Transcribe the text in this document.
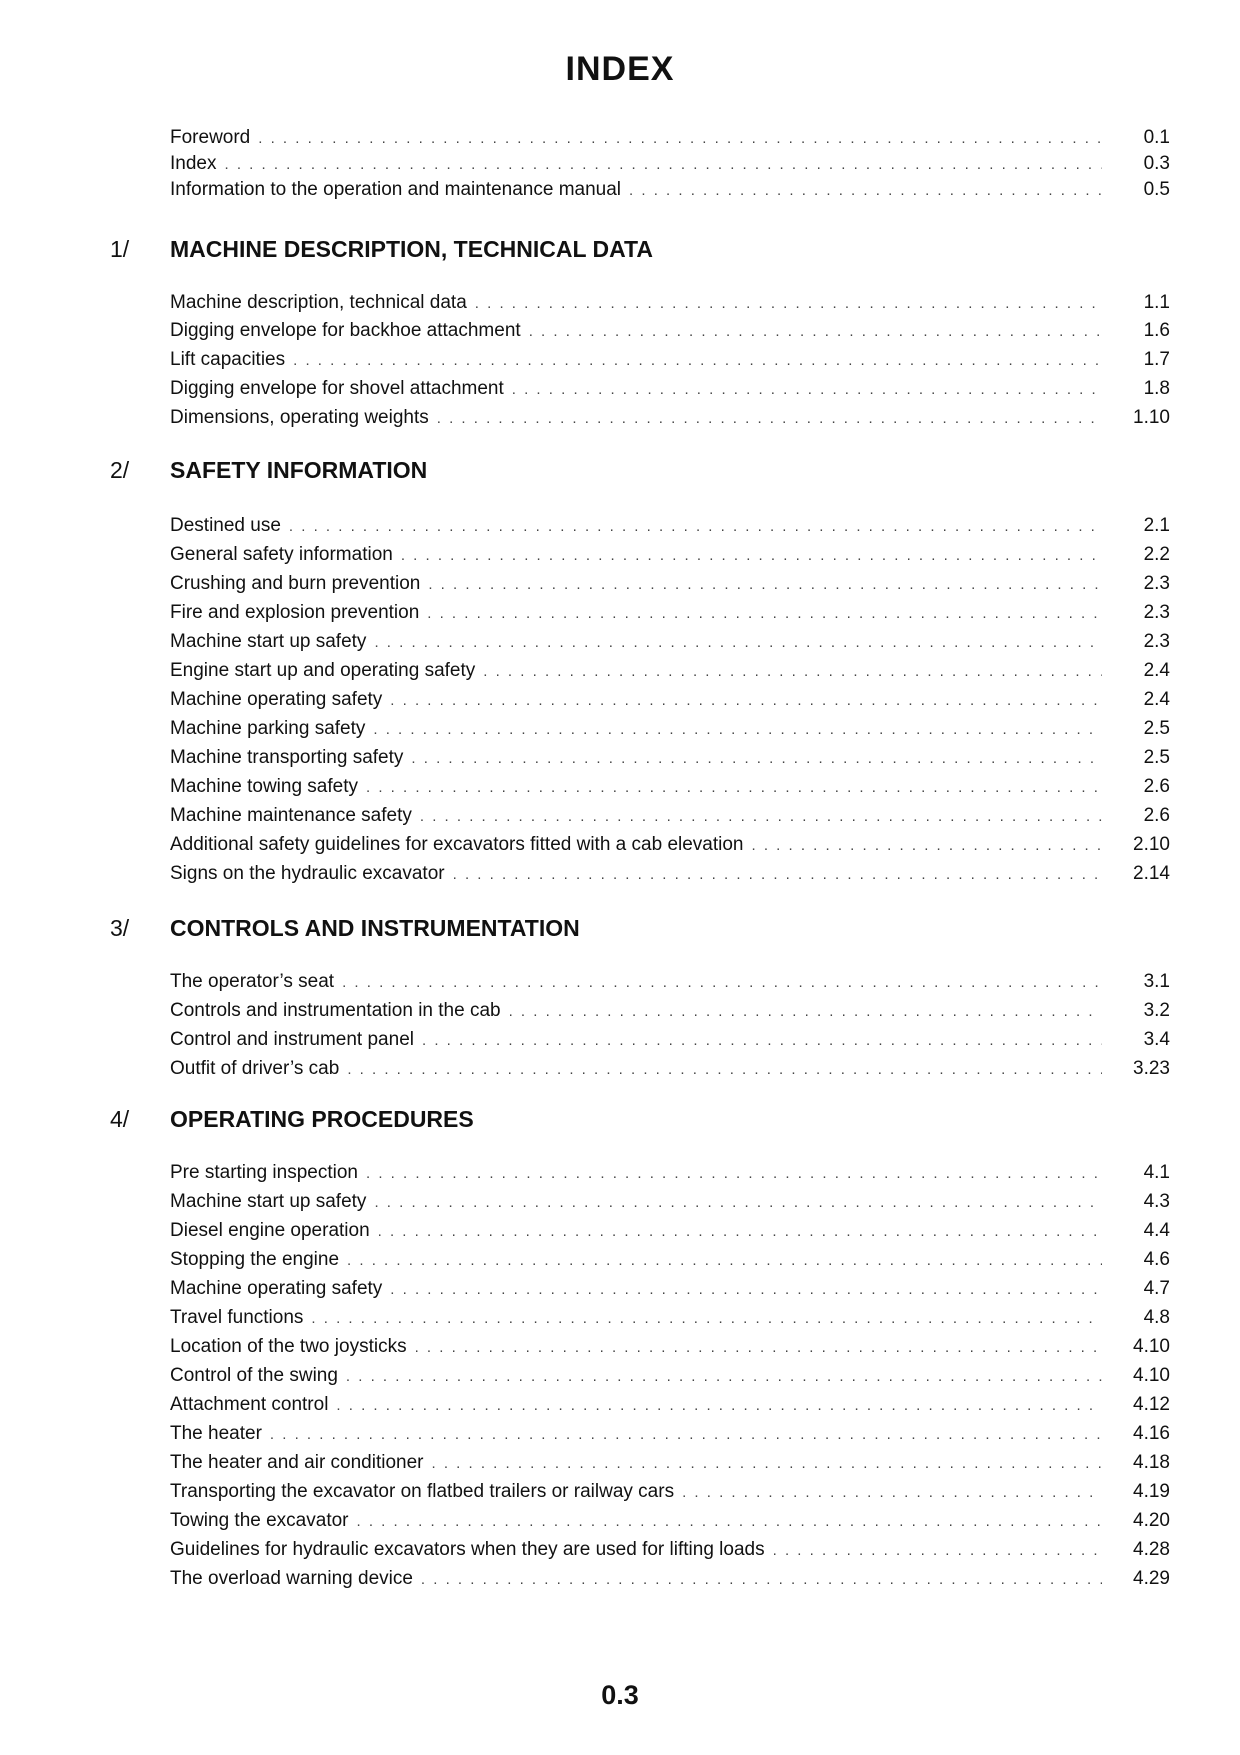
INDEX
Foreword . . .	0.1
Index . . .	0.3
Information to the operation and maintenance manual . . .	0.5
1/	MACHINE DESCRIPTION, TECHNICAL DATA
Machine description, technical data . . .	1.1
Digging envelope for backhoe attachment . . .	1.6
Lift capacities . . .	1.7
Digging envelope for shovel attachment . . .	1.8
Dimensions, operating weights . . .	1.10
2/	SAFETY INFORMATION
Destined use . . .	2.1
General safety information . . .	2.2
Crushing and burn prevention . . .	2.3
Fire and explosion prevention . . .	2.3
Machine start up safety . . .	2.3
Engine start up and operating safety . . .	2.4
Machine operating safety . . .	2.4
Machine parking safety . . .	2.5
Machine transporting safety . . .	2.5
Machine towing safety . . .	2.6
Machine maintenance safety . . .	2.6
Additional safety guidelines for excavators fitted with a cab elevation . . .	2.10
Signs on the hydraulic excavator . . .	2.14
3/	CONTROLS AND INSTRUMENTATION
The operator’s seat . . .	3.1
Controls and instrumentation in the cab . . .	3.2
Control and instrument panel . . .	3.4
Outfit of driver’s cab . . .	3.23
4/	OPERATING PROCEDURES
Pre starting inspection . . .	4.1
Machine start up safety . . .	4.3
Diesel engine operation . . .	4.4
Stopping the engine . . .	4.6
Machine operating safety . . .	4.7
Travel functions . . .	4.8
Location of the two joysticks . . .	4.10
Control of the swing . . .	4.10
Attachment control . . .	4.12
The heater . . .	4.16
The heater and air conditioner . . .	4.18
Transporting the excavator on flatbed trailers or railway cars . . .	4.19
Towing the excavator . . .	4.20
Guidelines for hydraulic excavators when they are used for lifting loads . . .	4.28
The overload warning device . . .	4.29
0.3
